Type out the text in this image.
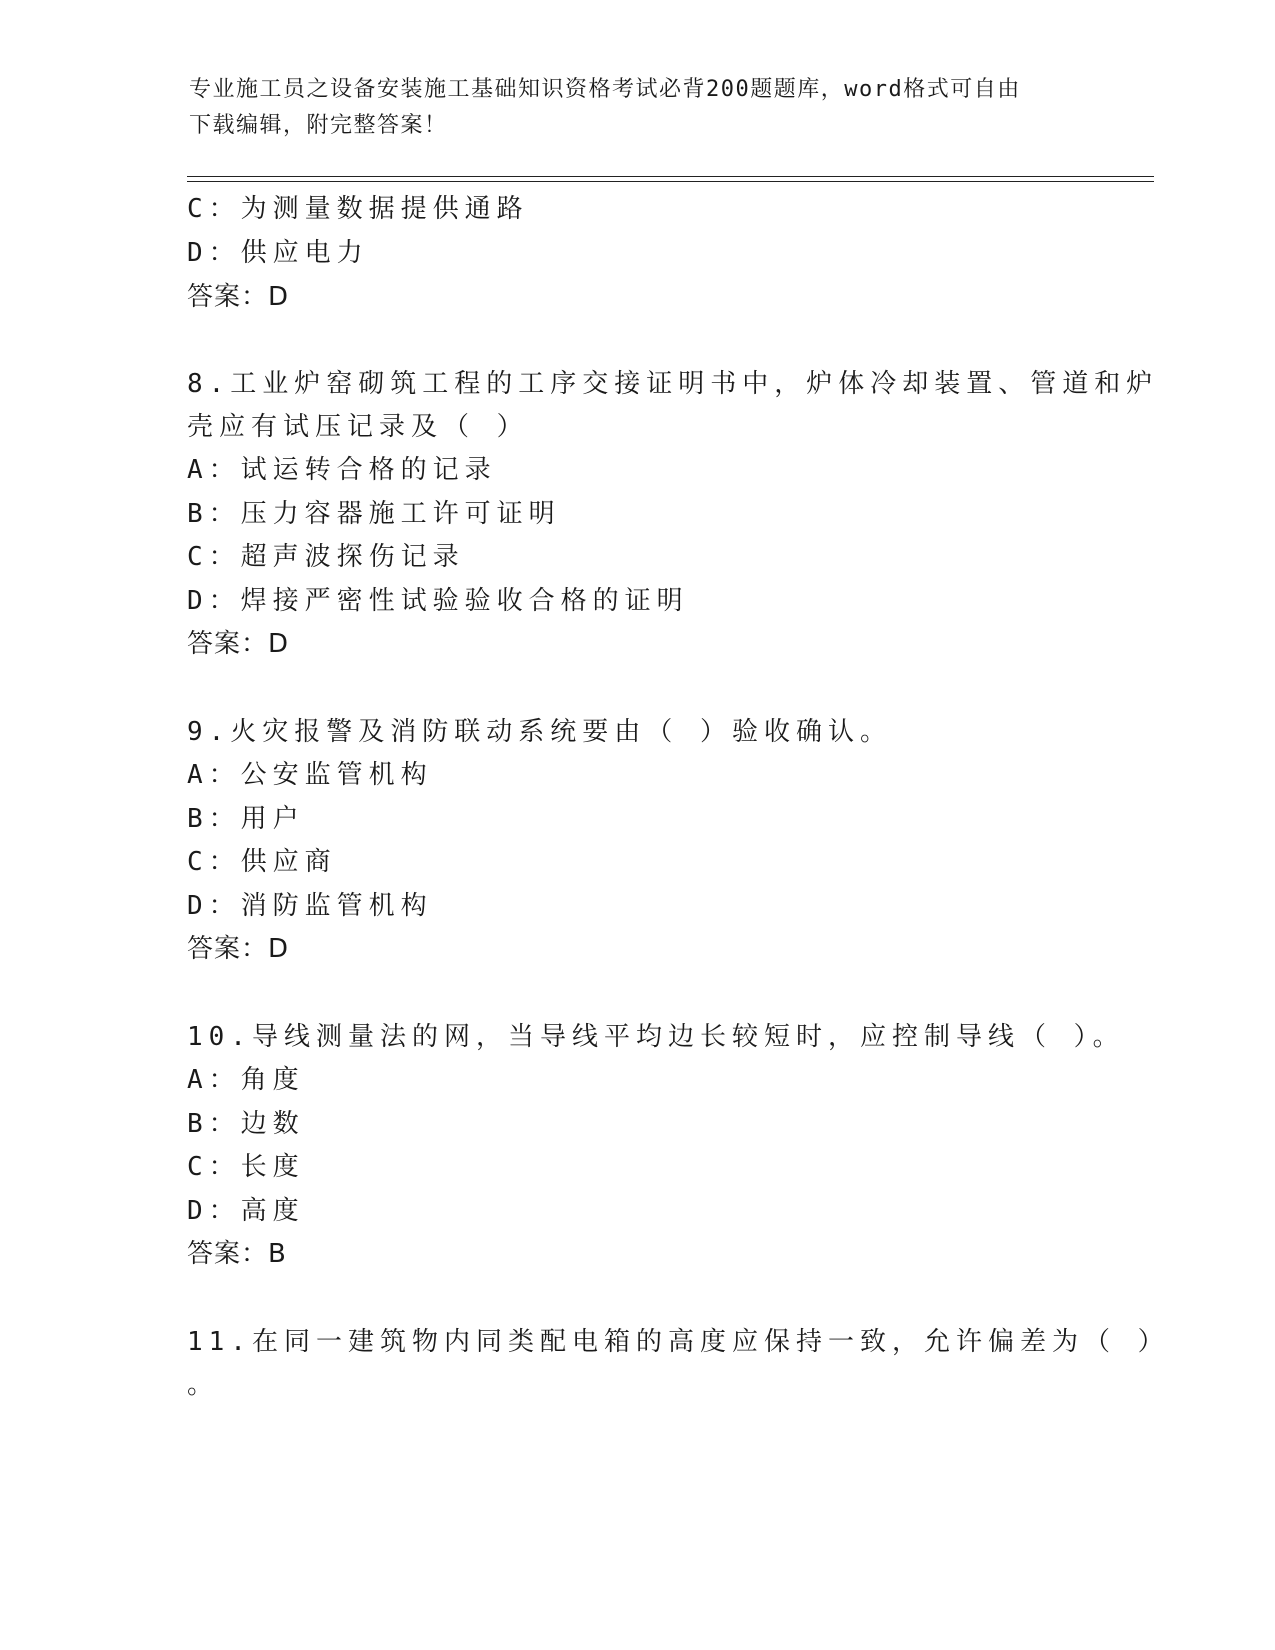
专业施工员之设备安装施工基础知识资格考试必背200题题库，word格式可自由
下载编辑，附完整答案！
C：为测量数据提供通路
D：供应电力
答案：D
8.工业炉窑砌筑工程的工序交接证明书中，炉体冷却装置、管道和炉
壳应有试压记录及（ ）
A：试运转合格的记录
B：压力容器施工许可证明
C：超声波探伤记录
D：焊接严密性试验验收合格的证明
答案：D
9.火灾报警及消防联动系统要由（ ）验收确认。
A：公安监管机构
B：用户
C：供应商
D：消防监管机构
答案：D
10.导线测量法的网，当导线平均边长较短时，应控制导线（ ）。
A：角度
B：边数
C：长度
D：高度
答案：B
11.在同一建筑物内同类配电箱的高度应保持一致，允许偏差为（ ）
。
